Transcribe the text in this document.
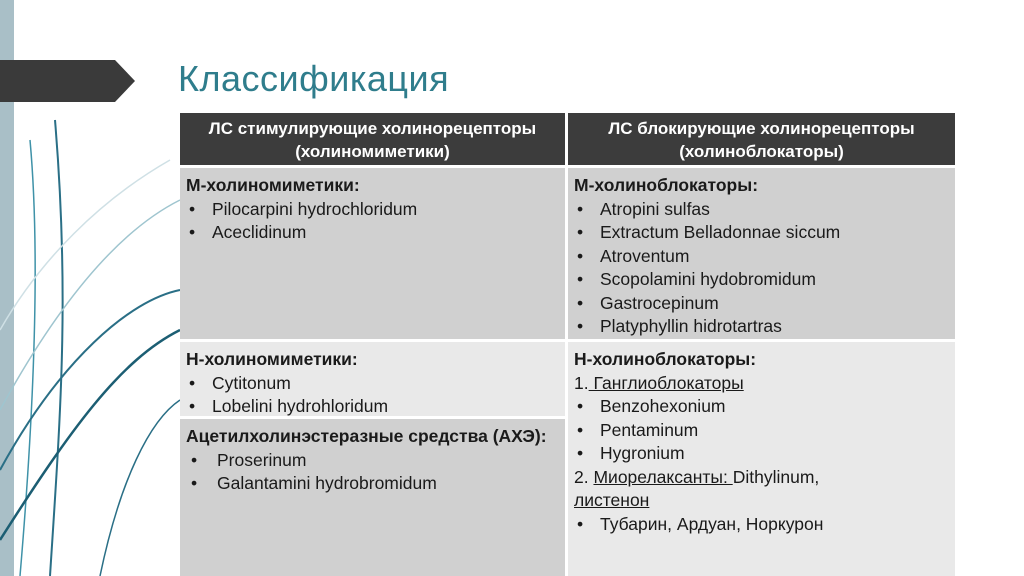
Классификация
ЛС стимулирующие холинорецепторы (холиномиметики)
ЛС блокирующие холинорецепторы (холиноблокаторы)
М-холиномиметики:
• Pilocarpini hydrochloridum
• Aceclidinum
М-холиноблокаторы:
• Atropini sulfas
• Extractum Belladonnae siccum
• Atroventum
• Scopolamini hydobromidum
• Gastrocepinum
• Platyphyllin hidrotartras
Н-холиномиметики:
• Cytitonum
• Lobelini hydrohloridum
Ацетилхолинэстеразные средства (АХЭ):
• Proserinum
• Galantamini hydrobromidum
Н-холиноблокаторы:
1. Ганглиоблокаторы
• Benzohexonium
• Pentaminum
• Hygronium
2. Миорелаксанты: Dithylinum,
листенон
• Тубарин, Ардуан, Норкурон
